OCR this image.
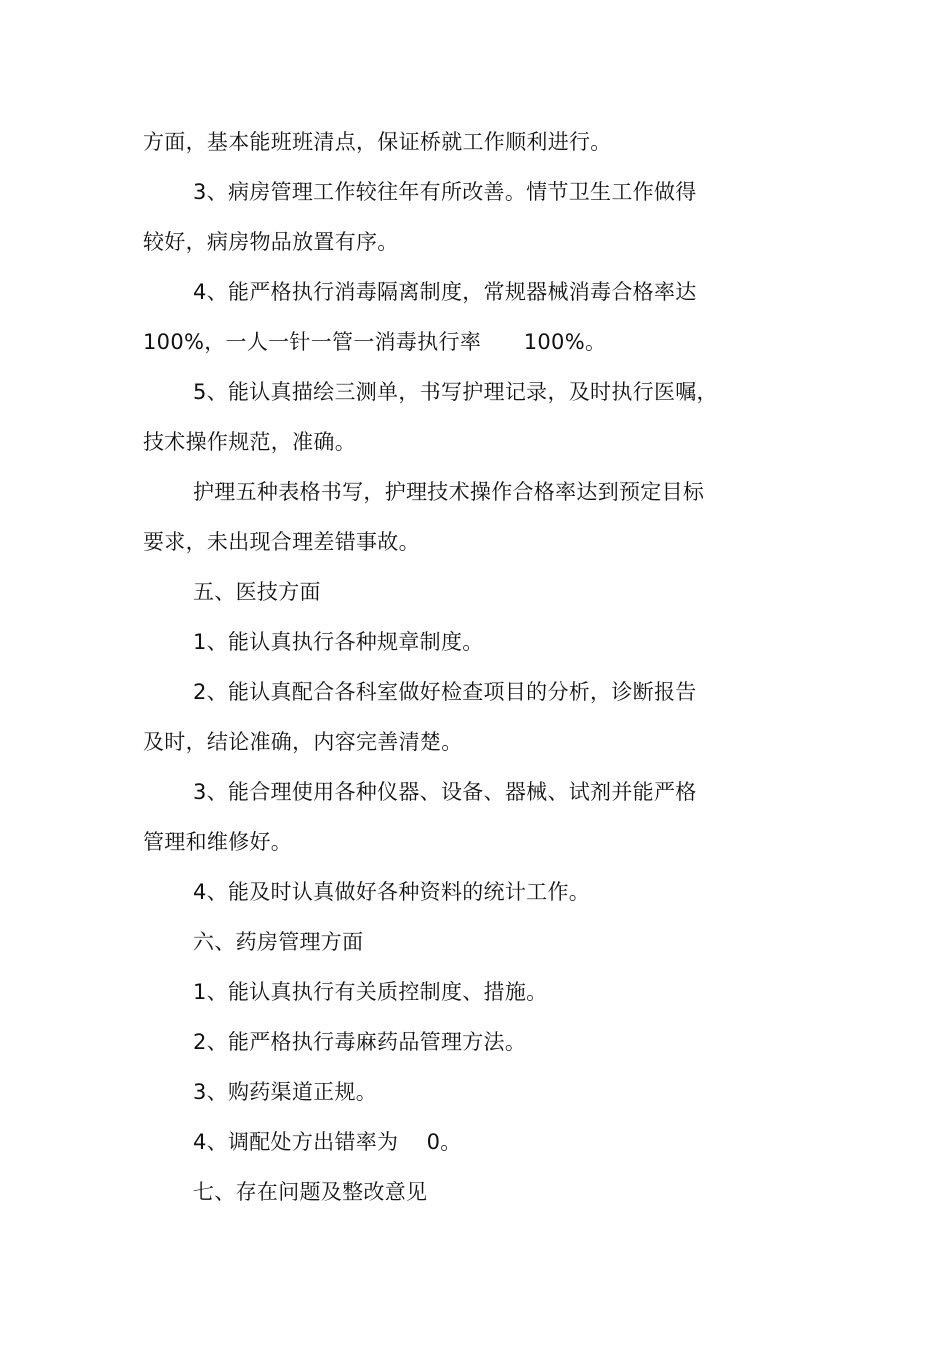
方面，基本能班班清点，保证桥就工作顺利进行。
3、病房管理工作较往年有所改善。情节卫生工作做得
较好，病房物品放置有序。
4、能严格执行消毒隔离制度，常规器械消毒合格率达
100%，一人一针一管一消毒执行率　　100%。
5、能认真描绘三测单，书写护理记录，及时执行医嘱，
技术操作规范，准确。
护理五种表格书写，护理技术操作合格率达到预定目标
要求，未出现合理差错事故。
五、医技方面
1、能认真执行各种规章制度。
2、能认真配合各科室做好检查项目的分析，诊断报告
及时，结论准确，内容完善清楚。
3、能合理使用各种仪器、设备、器械、试剂并能严格
管理和维修好。
4、能及时认真做好各种资料的统计工作。
六、药房管理方面
1、能认真执行有关质控制度、措施。
2、能严格执行毒麻药品管理方法。
3、购药渠道正规。
4、调配处方出错率为　 0。
七、存在问题及整改意见
